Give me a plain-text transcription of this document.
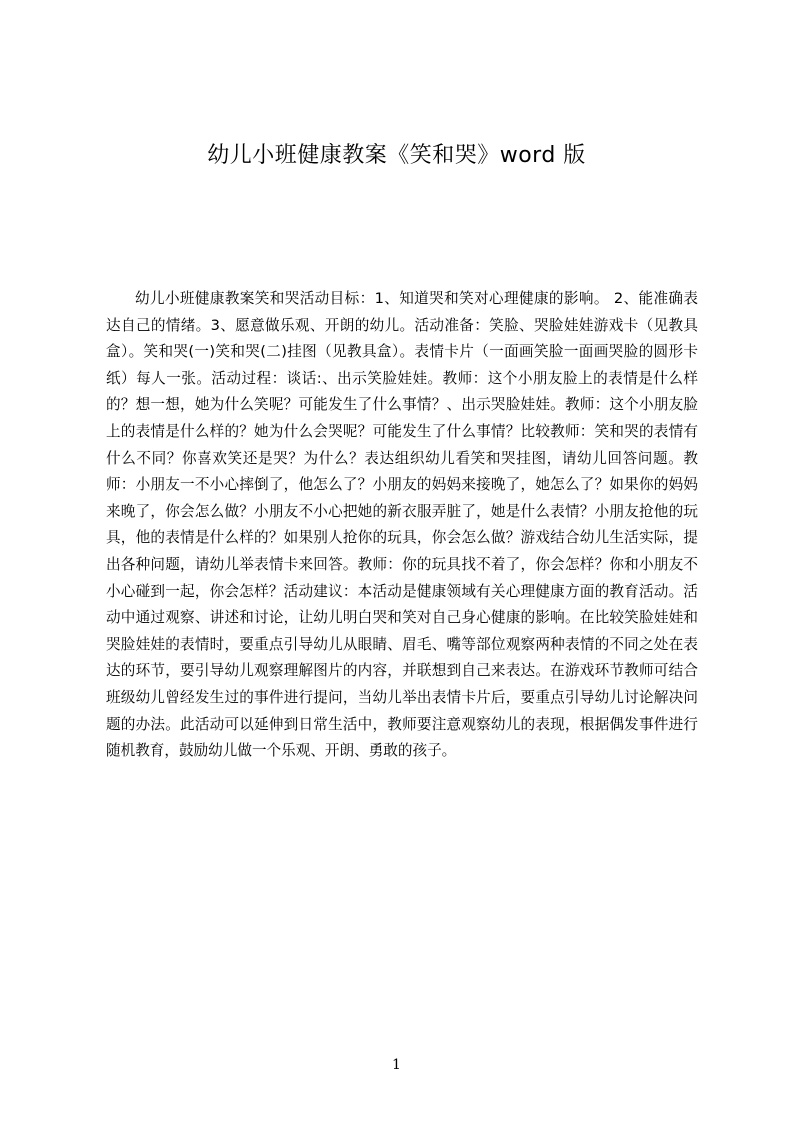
幼儿小班健康教案《笑和哭》word 版

幼儿小班健康教案笑和哭活动目标：1、知道哭和笑对心理健康的影响。 2、能准确表达自己的情绪。3、愿意做乐观、开朗的幼儿。活动准备：笑脸、哭脸娃娃游戏卡（见教具盒）。笑和哭(一)笑和哭(二)挂图（见教具盒）。表情卡片（一面画笑脸一面画哭脸的圆形卡纸）每人一张。活动过程：谈话:、出示笑脸娃娃。教师：这个小朋友脸上的表情是什么样的？想一想，她为什么笑呢？可能发生了什么事情？、出示哭脸娃娃。教师：这个小朋友脸上的表情是什么样的？她为什么会哭呢？可能发生了什么事情？比较教师：笑和哭的表情有什么不同？你喜欢笑还是哭？为什么？表达组织幼儿看笑和哭挂图，请幼儿回答问题。教师：小朋友一不小心摔倒了，他怎么了？小朋友的妈妈来接晚了，她怎么了？如果你的妈妈来晚了，你会怎么做？小朋友不小心把她的新衣服弄脏了，她是什么表情？小朋友抢他的玩具，他的表情是什么样的？如果别人抢你的玩具，你会怎么做？游戏结合幼儿生活实际，提出各种问题，请幼儿举表情卡来回答。教师：你的玩具找不着了，你会怎样？你和小朋友不小心碰到一起，你会怎样？活动建议：本活动是健康领域有关心理健康方面的教育活动。活动中通过观察、讲述和讨论，让幼儿明白哭和笑对自己身心健康的影响。在比较笑脸娃娃和哭脸娃娃的表情时，要重点引导幼儿从眼睛、眉毛、嘴等部位观察两种表情的不同之处在表达的环节，要引导幼儿观察理解图片的内容，并联想到自己来表达。在游戏环节教师可结合班级幼儿曾经发生过的事件进行提问，当幼儿举出表情卡片后，要重点引导幼儿讨论解决问题的办法。此活动可以延伸到日常生活中，教师要注意观察幼儿的表现，根据偶发事件进行随机教育，鼓励幼儿做一个乐观、开朗、勇敢的孩子。

1
